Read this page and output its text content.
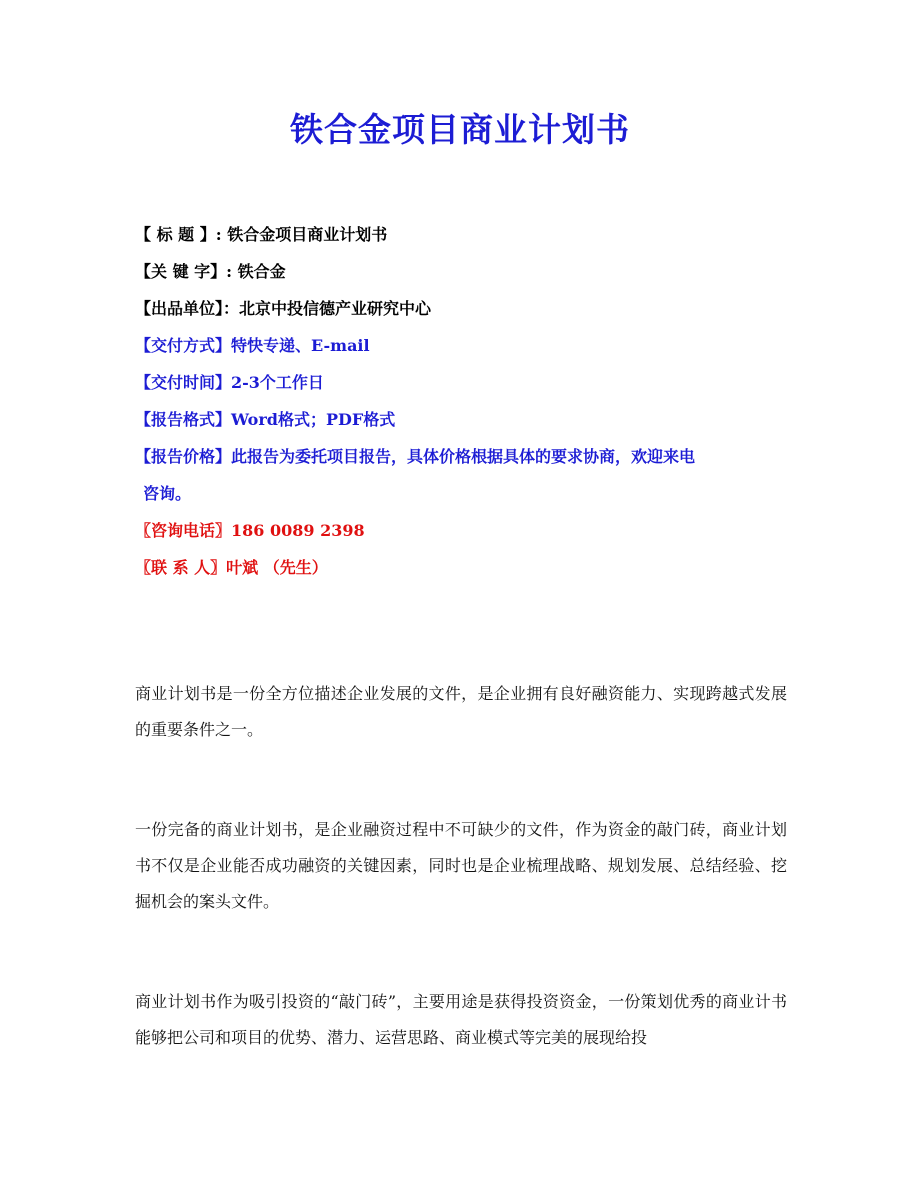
铁合金项目商业计划书
【 标 题 】: 铁合金项目商业计划书
【关 键 字】: 铁合金
【出品单位】：北京中投信德产业研究中心
【交付方式】特快专递、E-mail
【交付时间】2-3个工作日
【报告格式】Word格式；PDF格式
【报告价格】此报告为委托项目报告，具体价格根据具体的要求协商，欢迎来电
咨询。
〖咨询电话〗186 0089 2398
〖联 系 人〗叶斌 （先生）
商业计划书是一份全方位描述企业发展的文件，是企业拥有良好融资能力、实现跨越式发展的重要条件之一。
一份完备的商业计划书，是企业融资过程中不可缺少的文件，作为资金的敲门砖，商业计划书不仅是企业能否成功融资的关键因素，同时也是企业梳理战略、规划发展、总结经验、挖掘机会的案头文件。
商业计划书作为吸引投资的“敲门砖”，主要用途是获得投资资金，一份策划优秀的商业计书能够把公司和项目的优势、潜力、运营思路、商业模式等完美的展现给投
